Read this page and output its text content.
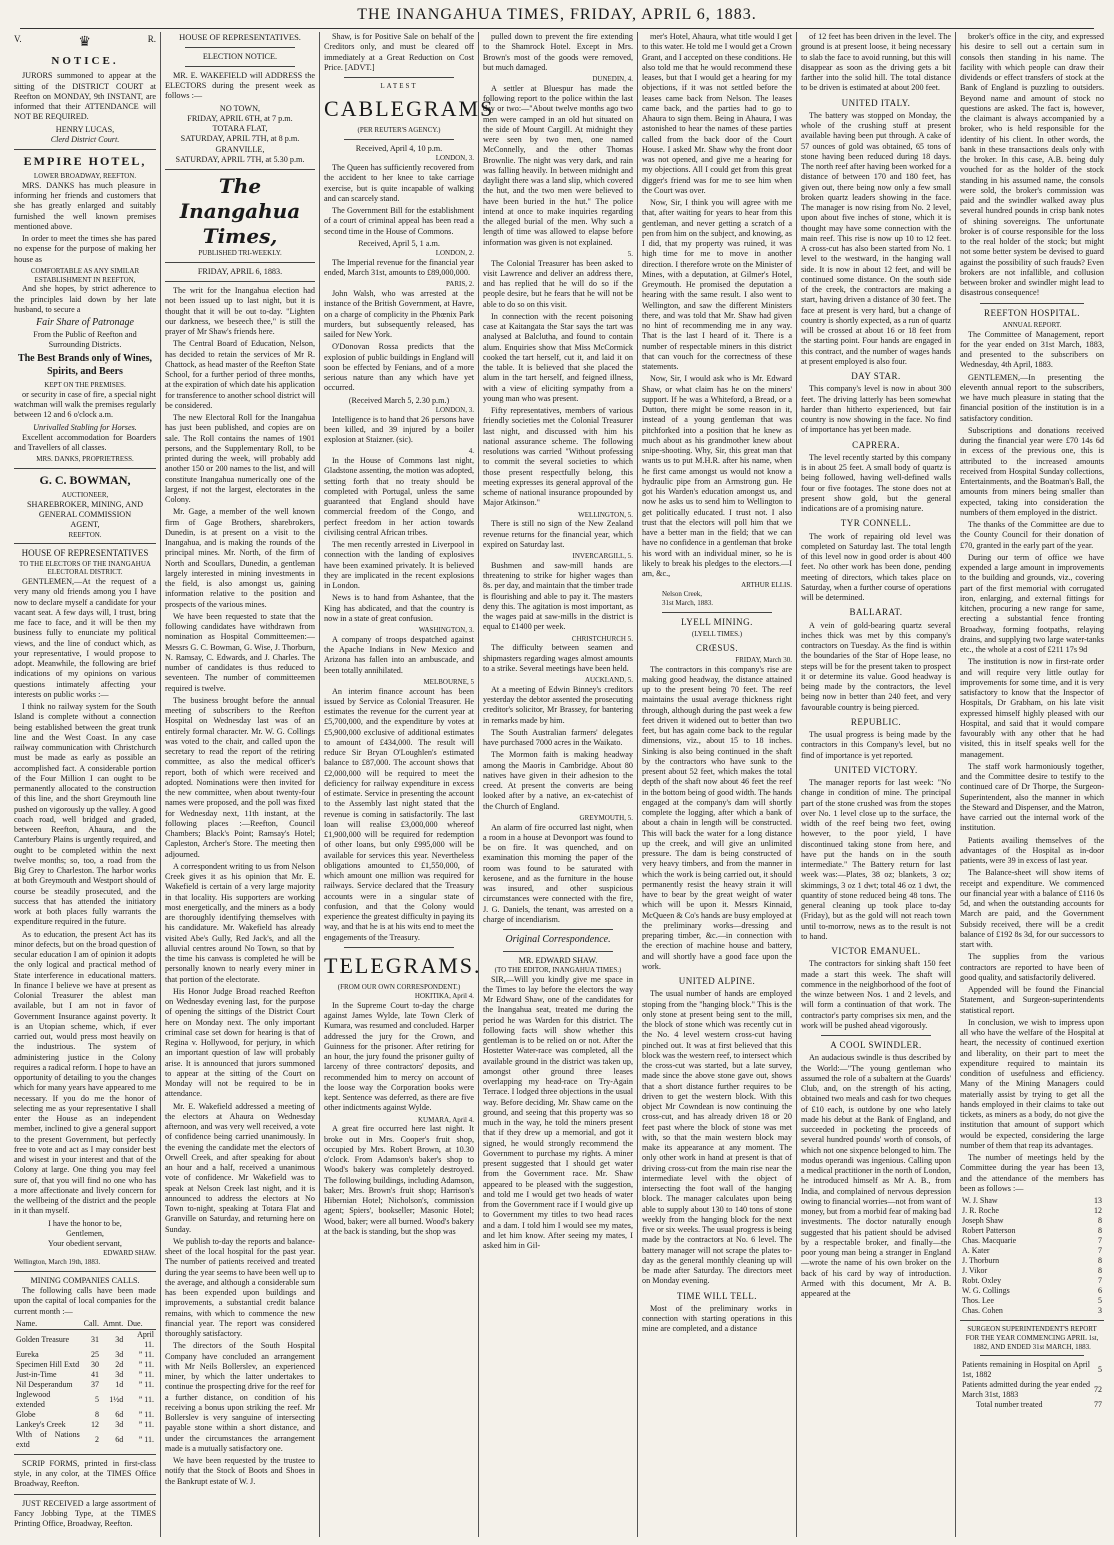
THE INANGAHUA TIMES, FRIDAY, APRIL 6, 1883.
V.	♛	R.
NOTICE.

JURORS summoned to appear at the sitting of the DISTRICT COURT at Reefton on MONDAY, 9th INSTANT, are informed that their ATTENDANCE will NOT BE REQUIRED.

HENRY LUCAS,
Clerd District Court.
EMPIRE HOTEL,
LOWER BROADWAY, REEFTON.

MRS. DANKS has much pleasure in informing her friends and customers that she has greatly enlarged and suitably furnished the well known premises mentioned above.

In order to meet the times she has pared no expense for the purpose of making her house as

COMFORTABLE AS ANY SIMILAR ESTABLISHMENT IN REEFTON,

And she hopes, by strict adherence to the principles laid down by her late husband, to secure a

Fair Share of Patronage
From the Public of Reefton and Surrounding Districts.
The Best Brands only of Wines, Spirits, and Beers
KEPT ON THE PREMISES.

or security in case of fire, a special night watchman will walk the premises regularly between 12 and 6 o'clock a.m.

Unrivalled Stabling for Horses.

Excellent accommodation for Boarders and Travellers of all classes.

MRS. DANKS, PROPRIETRESS.
G. C. BOWMAN,
AUCTIONEER,
SHAREBROKER, MINING, AND
GENERAL COMMISSION
AGENT,
REEFTON.
HOUSE OF REPRESENTATIVES
TO THE ELECTORS OF THE INANGAHUA ELECTORAL DISTRICT.

GENTLEMEN,—At the request of a very many old friends among you I have now to declare myself a candidate for your vacant seat. A few days will, I trust, bring me face to face, and it will be then my business fully to enunciate my political views, and the line of conduct which, as your representative, I would propose to adopt. Meanwhile, the following are brief indications of my opinions on various questions intimately affecting your interests on public works :—

I think no railway system for the South Island is complete without a connection being established between the great trunk line and the West Coast. In any case railway communication with Christchurch must be made as early as possible an accomplished fact. A considerable portion of the Four Million I can ought to be permanently allocated to the construction of this line, and the short Greymouth line pushed on vigorously up the valley. A good coach road, well bridged and graded, between Reefton, Ahaura, and the Canterbury Plains is urgently required, and ought to be completed within the next twelve months; so, too, a road from the Big Grey to Charleston. The harbor works at both Greymouth and Westport should of course be steadily prosecuted, and the success that has attended the initiatory work at both places fully warrants the expenditure required in the future.

As to education, the present Act has its minor defects, but on the broad question of secular education I am of opinion it adopts the only logical and practical method of State interference in educational matters. In finance I believe we have at present as Colonial Treasurer the ablest man available, but I am not in favor of Government Insurance against poverty. It is an Utopian scheme, which, if ever carried out, would press most heavily on the industrious. The system of administering justice in the Colony requires a radical reform. I hope to have an opportunity of detailing to you the changes which for many years have appeared to me necessary. If you do me the honor of selecting me as your representative I shall enter the House as an independent member, inclined to give a general support to the present Government, but perfectly free to vote and act as I may consider best and wisest in your interest and that of the Colony at large. One thing you may feel sure of, that you will find no one who has a more affectionate and lively concern for the wellbeing of the district and the people in it than myself.

I have the honor to be,
Gentlemen,
Your obedient servant,
EDWARD SHAW.
Wellington, March 19th, 1883.
MINING COMPANIES CALLS.

The following calls have been made upon the capital of local companies for the current month :—

Name.	Call.	Amnt.	Due.
Golden Treasure	31	3d	April 11.
Eureka	25	3d	” 11.
Specimen Hill Extd	30	2d	” 11.
Just-in-Time	41	3d	” 11.
Nil Desperandum	37	1d	” 11.
Inglewood extended	5	1½d	” 11.
Globe	8	6d	” 11.
Lankey's Creek	12	3d	” 11.
Wlth of Nations extd	2	6d	” 11.

SCRIP FORMS, printed in first-class style, in any color, at the TIMES Office Broadway, Reefton.

JUST RECEIVED a large assortment of Fancy Jobbing Type, at the TIMES Printing Office, Broadway, Reefton.

HOUSE OF REPRESENTATIVES.
ELECTION NOTICE.

MR. E. WAKEFIELD will ADDRESS the ELECTORS during the present week as follows :—

NO TOWN,
FRIDAY, APRIL 6TH, at 7 p.m.
TOTARA FLAT,
SATURDAY, APRIL 7TH, at 8 p.m.
GRANVILLE,
SATURDAY, APRIL 7TH, at 5.30 p.m.
The Inangahua Times,
PUBLISHED TRI-WEEKLY.
FRIDAY, APRIL 6, 1883.

The writ for the Inangahua election had not been issued up to last night, but it is thought that it will be out to-day. "Lighten our darkness, we beseech thee," is still the prayer of Mr Shaw's friends here.

The Central Board of Education, Nelson, has decided to retain the services of Mr R. Chattock, as head master of the Reefton State School, for a further period of three months, at the expiration of which date his application for transference to another school district will be considered.

The new Electoral Roll for the Inangahua has just been published, and copies are on sale. The Roll contains the names of 1901 persons, and the Supplementary Roll, to be printed during the week, will probably add another 150 or 200 names to the list, and will constitute Inangahua numerically one of the largest, if not the largest, electorates in the Colony.

Mr. Gage, a member of the well known firm of Gage Brothers, sharebrokers, Dunedin, is at present on a visit to the Inangahua, and is making the rounds of the principal mines. Mr. North, of the firm of North and Scoullars, Dunedin, a gentleman largely interested in mining investments in the field, is also amongst us, gaining information relative to the position and prospects of the various mines.

We have been requested to state that the following candidates have withdrawn from nomination as Hospital Committeemen:—Messrs G. C. Bowman, G. Wise, J. Thorburn, N. Ramsay, C. Edwards, and J. Charles. The number of candidates is thus reduced to seventeen. The number of committeemen required is twelve.

The business brought before the annual meeting of subscribers to the Reefton Hospital on Wednesday last was of an entirely formal character. Mr. W. G. Collings was voted to the chair, and called upon the secretary to read the report of the retiring committee, as also the medical officer's report, both of which were received and adopted. Nominations were then invited for the new committee, when about twenty-four names were proposed, and the poll was fixed for Wednesday next, 11th instant, at the following places :—Reefton, Council Chambers; Black's Point; Ramsay's Hotel; Capleston, Archer's Store. The meeting then adjourned.

A correspondent writing to us from Nelson Creek gives it as his opinion that Mr. E. Wakefield is certain of a very large majority in that locality. His supporters are working most energetically, and the miners as a body are thoroughly identifying themselves with his candidature. Mr. Wakefield has already visited Abe's Gully, Red Jack's, and all the alluvial centres around No Town, so that by the time his canvass is completed he will be personally known to nearly every miner in that portion of the electorate.

His Honor Judge Broad reached Reefton on Wednesday evening last, for the purpose of opening the sittings of the District Court here on Monday next. The only important criminal case set down for hearing is that of Regina v. Hollywood, for perjury, in which an important question of law will probably arise. It is announced that jurors summoned to appear at the sitting of the Court on Monday will not be required to be in attendance.

Mr. E. Wakefield addressed a meeting of the electors at Ahaura on Wednesday afternoon, and was very well received, a vote of confidence being carried unanimously. In the evening the candidate met the electors of Orwell Creek, and after speaking for about an hour and a half, received a unanimous vote of confidence. Mr Wakefield was to speak at Nelson Creek last night, and it is announced to address the electors at No Town to-night, speaking at Totara Flat and Granville on Saturday, and returning here on Sunday.

We publish to-day the reports and balance-sheet of the local hospital for the past year. The number of patients received and treated during the year seems to have been well up to the average, and although a considerable sum has been expended upon buildings and improvements, a substantial credit balance remains, with which to commence the new financial year. The report was considered thoroughly satisfactory.

The directors of the South Hospital Company have concluded an arrangement with Mr Neils Bollerslev, an experienced miner, by which the latter undertakes to continue the prospecting drive for the reef for a further distance, on condition of his receiving a bonus upon striking the reef. Mr Bollerslev is very sanguine of intersecting payable stone within a short distance, and under the circumstances the arrangement made is a mutually satisfactory one.

We have been requested by the trustee to notify that the Stock of Boots and Shoes in the Bankrupt estate of W. J.

Shaw, is for Positive Sale on behalf of the Creditors only, and must be cleared off immediately at a Great Reduction on Cost Price. [ADVT.]

LATEST
CABLEGRAMS
(PER REUTER'S AGENCY.)
Received, April 4, 10 p.m.
LONDON, 3.

The Queen has sufficiently recovered from the accident to her knee to take carriage exercise, but is quite incapable of walking and can scarcely stand.

The Government Bill for the establishment of a court of criminal appeal has been read a second time in the House of Commons.

Received, April 5, 1 a.m.
LONDON, 2.

The Imperial revenue for the financial year ended, March 31st, amounts to £89,000,000.

PARIS, 2.

John Walsh, who was arrested at the instance of the British Government, at Havre, on a charge of complicity in the Phœnix Park murders, but subsequently released, has sailed for New York.

O'Donovan Rossa predicts that the explosion of public buildings in England will soon be effected by Fenians, and of a more serious nature than any which have yet occurred.

(Received March 5, 2.30 p.m.)
LONDON, 3.

Intelligence is to hand that 26 persons have been killed, and 39 injured by a boiler explosion at Staizner. (sic).

4.

In the House of Commons last night, Gladstone assenting, the motion was adopted, setting forth that no treaty should be completed with Portugal, unless the same guaranteed that England should have commercial freedom of the Congo, and perfect freedom in her action towards civilising central African tribes.

The men recently arrested in Liverpool in connection with the landing of explosives have been examined privately. It is believed they are implicated in the recent explosions in London.

News is to hand from Ashantee, that the King has abdicated, and that the country is now in a state of great confusion.

WASHINGTON, 3.

A company of troops despatched against the Apache Indians in New Mexico and Arizona has fallen into an ambuscade, and been totally annihilated.

MELBOURNE, 5

An interim finance account has been issued by Service as Colonial Treasurer. He estimates the revenue for the current year at £5,700,000, and the expenditure by votes at £5,900,000 exclusive of additional estimates to amount of £434,000. The result will reduce Sir Bryan O'Loughlen's estimated balance to £87,000. The account shows that £2,000,000 will be required to meet the deficiency for railway expenditure in excess of estimate. Service in presenting the account to the Assembly last night stated that the revenue is coming in satisfactorily. The last loan will realise £3,000,000 whereof £1,900,000 will be required for redemption of other loans, but only £995,000 will be available for services this year. Nevertheless obligations amounted to £1,550,000, of which amount one million was required for railways. Service declared that the Treasury accounts were in a singular state of confusion, and that the Colony would experience the greatest difficulty in paying its way, and that he is at his wits end to meet the engagements of the Treasury.

TELEGRAMS.
(FROM OUR OWN CORRESPONDENT.)
HOKITIKA, April 4.

In the Supreme Court to-day the charge against James Wylde, late Town Clerk of Kumara, was resumed and concluded. Harper addressed the jury for the Crown, and Guinness for the prisoner. After retiring for an hour, the jury found the prisoner guilty of larceny of three contractors' deposits, and recommended him to mercy on account of the loose way the Corporation books were kept. Sentence was deferred, as there are five other indictments against Wylde.

KUMARA, April 4.

A great fire occurred here last night. It broke out in Mrs. Cooper's fruit shop, occupied by Mrs. Robert Brown, at 10.30 o'clock. From Adamson's baker's shop to Wood's bakery was completely destroyed. The following buildings, including Adamson, baker; Mrs. Brown's fruit shop; Harrison's Hibernian Hotel; Nicholson's, commission agent; Spiers', bookseller; Masonic Hotel; Wood, baker; were all burned. Wood's bakery at the back is standing, but the shop was

pulled down to prevent the fire extending to the Shamrock Hotel. Except in Mrs. Brown's most of the goods were removed, but much damaged.

DUNEDIN, 4.

A settler at Bluespur has made the following report to the police within the last day or two:—"About twelve months ago two men were camped in an old hut situated on the side of Mount Cargill. At midnight they were seen by two men, one named McConnelly, and the other Thomas Brownlie. The night was very dark, and rain was falling heavily. In between midnight and daylight there was a land slip, which covered the hut, and the two men were believed to have been buried in the hut." The police intend at once to make inquiries regarding the alleged burial of the men. Why such a length of time was allowed to elapse before information was given is not explained.

5.

The Colonial Treasurer has been asked to visit Lawrence and deliver an address there, and has replied that he will do so if the people desire, but he fears that he will not be able to do so on this visit.

In connection with the recent poisoning case at Kaitangata the Star says the tart was analysed at Balclutha, and found to contain alum. Enquiries show that Miss McCormick cooked the tart herself, cut it, and laid it on the table. It is believed that she placed the alum in the tart herself, and feigned illness, with a view of eliciting sympathy from a young man who was present.

Fifty representatives, members of various friendly societies met the Colonial Treasurer last night, and discussed with him his national assurance scheme. The following resolutions was carried "Without professing to commit the several societies to which those present respectfully belong, this meeting expresses its general approval of the scheme of national insurance propounded by Major Atkinson."

WELLINGTON, 5.

There is still no sign of the New Zealand revenue returns for the financial year, which expired on Saturday last.

INVERCARGILL, 5.

Bushmen and saw-mill hands are threatening to strike for higher wages than 8s. per day, and maintain that the timber trade is flourishing and able to pay it. The masters deny this. The agitation is most important, as the wages paid at saw-mills in the district is equal to £1400 per week.

CHRISTCHURCH 5.

The difficulty between seamen and shipmasters regarding wages almost amounts to a strike. Several meetings have been held.

AUCKLAND, 5.

At a meeting of Edwin Binney's creditors yesterday the debtor assented the prosecuting creditor's solicitor, Mr Brassey, for bantering in remarks made by him.

The South Australian farmers' delegates have purchased 7000 acres in the Waikato.

The Mormon faith is making headway among the Maoris in Cambridge. About 80 natives have given in their adhesion to the creed. At present the converts are being looked after by a native, an ex-catechist of the Church of England.

GREYMOUTH, 5.

An alarm of fire occurred last night, when a room in a house at Devonport was found to be on fire. It was quenched, and on examination this morning the paper of the room was found to be saturated with kerosene, and as the furniture in the house was insured, and other suspicious circumstances were connected with the fire, J. G. Daniels, the tenant, was arrested on a charge of incendiarism.

Original Correspondence.
MR. EDWARD SHAW.
(TO THE EDITOR, INANGAHUA TIMES.)

SIR,—Will you kindly give me space in the Times to lay before the electors the way Mr Edward Shaw, one of the candidates for the Inangahua seat, treated me during the period he was Warden for this district. The following facts will show whether this gentleman is to be relied on or not. After the Hostetter Water-race was completed, all the available ground in the district was taken up, amongst other ground three leases overlapping my head-race on Try-Again Terrace. I lodged three objections in the usual way. Before deciding, Mr. Shaw came on the ground, and seeing that this property was so much in the way, he told the miners present that if they drew up a memorial, and got it signed, he would strongly recommend the Government to purchase my rights. A miner present suggested that I should get water from the Government race. Mr. Shaw appeared to be pleased with the suggestion, and told me I would get two heads of water from the Government race if I would give up to Government my titles to two head races and a dam. I told him I would see my mates, and let him know. After seeing my mates, I asked him in Gil-

mer's Hotel, Ahaura, what title would I get to this water. He told me I would get a Crown Grant, and I accepted on these conditions. He also told me that he would recommend these leases, but that I would get a hearing for my objections, if it was not settled before the leases came back from Nelson. The leases came back, and the parties had to go to Ahaura to sign them. Being in Ahaura, I was astonished to hear the names of these parties called from the back door of the Court House. I asked Mr. Shaw why the front door was not opened, and give me a hearing for my objections. All I could get from this great digger's friend was for me to see him when the Court was over.

Now, Sir, I think you will agree with me that, after waiting for years to hear from this gentleman, and never getting a scratch of a pen from him on the subject, and knowing, as I did, that my property was ruined, it was high time for me to move in another direction. I therefore wrote on the Minister of Mines, with a deputation, at Gilmer's Hotel, Greymouth. He promised the deputation a hearing with the same result. I also went to Wellington, and saw the different Ministers there, and was told that Mr. Shaw had given no hint of recommending me in any way. That is the last I heard of it. There is a number of respectable miners in this district that can vouch for the correctness of these statements.

Now, Sir, I would ask who is Mr. Edward Shaw, or what claim has he on the miners' support. If he was a Whiteford, a Bread, or a Dutton, there might be some reason in it, instead of a young gentleman that was pitchforked into a position that he knew as much about as his grandmother knew about snipe-shooting. Why, Sir, this great man that wants us to put M.H.R. after his name, when he first came amongst us would not know a hydraulic pipe from an Armstrong gun. He got his Warden's education amongst us, and now he asks us to send him to Wellington to get politically educated. I trust not. I also trust that the electors will poll him that we have a better man in the field; that we can have no confidence in a gentleman that broke his word with an individual miner, so he is likely to break his pledges to the electors.—I am, &c.,

ARTHUR ELLIS.
Nelson Creek,
31st March, 1883.
LYELL MINING.
(LYELL TIMES.)
CRŒSUS.
FRIDAY, March 30.

The contractors in this company's rise are making good headway, the distance attained up to the present being 70 feet. The reef maintains the usual average thickness right through, although during the past week a few feet driven it widened out to better than two feet, but has again come back to the regular dimensions, viz., about 15 to 18 inches. Sinking is also being continued in the shaft by the contractors who have sunk to the present about 52 feet, which makes the total depth of the shaft now about 46 feet the reef in the bottom being of good width. The hands engaged at the company's dam will shortly complete the logging, after which a bank of about a chain in length will be constructed. This will back the water for a long distance up the creek, and will give an unlimited pressure. The dam is being constructed of very heavy timbers, and from the manner in which the work is being carried out, it should permanently resist the heavy strain it will have to bear by the great weight of water which will be upon it. Messrs Kinnaid, McQueen & Co's hands are busy employed at the preliminary works—dressing and preparing timber, &c.—in connection with the erection of machine house and battery, and will shortly have a good face upon the work.

UNITED ALPINE.

The usual number of hands are employed stoping from the "hanging block." This is the only stone at present being sent to the mill, the block of stone which was recently cut in the No. 4 level western cross-cut having pinched out. It was at first believed that this block was the western reef, to intersect which the cross-cut was started, but a late survey, made since the above stone gave out, shows that a short distance further requires to be driven to get the western block. With this object Mr Cowndean is now continuing the cross-cut, and has already driven 18 or 20 feet past where the block of stone was met with, so that the main western block may make its appearance at any moment. The only other work in hand at present is that of driving cross-cut from the main rise near the intermediate level with the object of intersecting the foot wall of the hanging block. The manager calculates upon being able to supply about 130 to 140 tons of stone weekly from the hanging block for the next five or six weeks. The usual progress is being made by the contractors at No. 6 level. The battery manager will not scrape the plates to-day as the general monthly cleaning up will be made after Saturday. The directors meet on Monday evening.

TIME WILL TELL.

Most of the preliminary works in connection with starting operations in this mine are completed, and a distance

of 12 feet has been driven in the level. The ground is at present loose, it being necessary to slab the face to avoid running, but this will disappear as soon as the driving gets a bit farther into the solid hill. The total distance to be driven is estimated at about 200 feet.

UNITED ITALY.

The battery was stopped on Monday, the whole of the crushing stuff at present available having been put through. A cake of 57 ounces of gold was obtained, 65 tons of stone having been reduced during 18 days. The north reef after having been worked for a distance of between 170 and 180 feet, has given out, there being now only a few small broken quartz leaders showing in the face. The manager is now rising from No. 2 level, upon about five inches of stone, which it is thought may have some connection with the main reef. This rise is now up 10 to 12 feet. A cross-cut has also been started from No. 1 level to the westward, in the hanging wall side. It is now in about 12 feet, and will be continued some distance. On the south side of the creek, the contractors are making a start, having driven a distance of 30 feet. The face at present is very hard, but a change of country is shortly expected, as a run of quartz will be crossed at about 16 or 18 feet from the starting point. Four hands are engaged in this contract, and the number of wages hands at present employed is also four.

DAY STAR.

This company's level is now in about 300 feet. The driving latterly has been somewhat harder than hitherto experienced, but fair country is now showing in the face. No find of importance has yet been made.

CAPRERA.

The level recently started by this company is in about 25 feet. A small body of quartz is being followed, having well-defined walls four or five footages. The stone does not at present show gold, but the general indications are of a promising nature.

TYR CONNELL.

The work of repairing old level was completed on Saturday last. The total length of this level now in good order is about 400 feet. No other work has been done, pending meeting of directors, which takes place on Saturday, when a further course of operations will be determined.

BALLARAT.

A vein of gold-bearing quartz several inches thick was met by this company's contractors on Tuesday. As the find is within the boundaries of the Star of Hope lease, no steps will be for the present taken to prospect it or determine its value. Good headway is being made by the contractors, the level being now in better than 240 feet, and very favourable country is being pierced.

REPUBLIC.

The usual progress is being made by the contractors in this Company's level, but no find of importance is yet reported.

UNITED VICTORY.

The manager reports for last week: "No change in condition of mine. The principal part of the stone crushed was from the stopes over No. 1 level close up to the surface, the width of the reef being two feet, owing however, to the poor yield, I have discontinued taking stone from here, and have put the hands on in the south intermediate." The Battery return for last week was:—Plates, 38 oz; blankets, 3 oz; skimmings, 3 oz 1 dwt; total 46 oz 1 dwt, the quantity of stone reduced being 48 tons. The general cleaning up took place to-day (Friday), but as the gold will not reach town until to-morrow, news as to the result is not to hand.

VICTOR EMANUEL.

The contractors for sinking shaft 150 feet made a start this week. The shaft will commence in the neighborhood of the foot of the winze between Nos. 1 and 2 levels, and will form a continuation of that work. The contractor's party comprises six men, and the work will be pushed ahead vigorously.

A COOL SWINDLER.

An audacious swindle is thus described by the World:—"The young gentleman who assumed the role of a subaltern at the Guards' Club, and, on the strength of his acting, obtained two meals and cash for two cheques of £10 each, is outdone by one who lately made his debut at the Bank of England, and succeeded in pocketing the proceeds of several hundred pounds' worth of consols, of which not one sixpence belonged to him. The modus operandi was ingenious. Calling upon a medical practitioner in the north of London, he introduced himself as Mr A. B., from India, and complained of nervous depression owing to financial worries—not from want of money, but from a morbid fear of making bad investments. The doctor naturally enough suggested that his patient should be advised by a respectable broker, and finally—the poor young man being a stranger in England—wrote the name of his own broker on the back of his card by way of introduction. Armed with this document, Mr A. B. appeared at the

broker's office in the city, and expressed his desire to sell out a certain sum in consols then standing in his name. The facility with which people can draw their dividends or effect transfers of stock at the Bank of England is puzzling to outsiders. Beyond name and amount of stock no questions are asked. The fact is, however, the claimant is always accompanied by a broker, who is held responsible for the identity of his client. In other words, the bank in these transactions deals only with the broker. In this case, A.B. being duly vouched for as the holder of the stock standing in his assumed name, the consols were sold, the broker's commission was paid and the swindler walked away plus several hundred pounds in crisp bank notes of shining sovereigns. The unfortunate broker is of course responsible for the loss to the real holder of the stock; but might not some better system be devised to guard against the possibility of such frauds? Even brokers are not infallible, and collusion between broker and swindler might lead to disastrous consequence!

REEFTON HOSPITAL.
ANNUAL REPORT.

The Committee of Management, report for the year ended on 31st March, 1883, and presented to the subscribers on Wednesday, 4th April, 1883.

GENTLEMEN,—In presenting the eleventh annual report to the subscribers, we have much pleasure in stating that the financial position of the institution is in a satisfactory condition.

Subscriptions and donations received during the financial year were £70 14s 6d in excess of the previous one, this is attributed to the increased amounts received from Hospital Sunday collections, Entertainments, and the Boatman's Ball, the amounts from miners being smaller than expected, taking into consideration the numbers of them employed in the district.

The thanks of the Committee are due to the County Council for their donation of £70, granted in the early part of the year.

During our term of office we have expended a large amount in improvements to the building and grounds, viz., covering part of the first memorial with corrugated iron, enlarging, and external fittings for kitchen, procuring a new range for same, erecting a substantial fence fronting Broadway, forming footpaths, relaying drains, and supplying two large water-tanks etc., the whole at a cost of £211 17s 9d

The institution is now in first-rate order and will require very little outlay for improvements for some time, and it is very satisfactory to know that the Inspector of Hospitals, Dr Grabham, on his late visit expressed himself highly pleased with our Hospital, and said that it would compare favourably with any other that he had visited, this in itself speaks well for the management.

The staff work harmoniously together, and the Committee desire to testify to the continued care of Dr Thorpe, the Surgeon-Superintendent, also the manner in which the Steward and Dispenser, and the Matron, have carried out the internal work of the institution.

Patients availing themselves of the advantages of the Hospital as in-door patients, were 39 in excess of last year.

The Balance-sheet will show items of receipt and expenditure. We commenced our financial year with a balance of £116 0s 5d, and when the outstanding accounts for March are paid, and the Government Subsidy received, there will be a credit balance of £192 8s 3d, for our successors to start with.

The supplies from the various contractors are reported to have been of good quality, and satisfactorily delivered.

Appended will be found the Financial Statement, and Surgeon-superintendents statistical report.

In conclusion, we wish to impress upon all who have the welfare of the Hospital at heart, the necessity of continued exertion and liberality, on their part to meet the expenditure required to maintain its condition of usefulness and efficiency. Many of the Mining Managers could materially assist by trying to get all the hands employed in their claims to take out tickets, as miners as a body, do not give the institution that amount of support which would be expected, considering the large number of them that reap its advantages.

The number of meetings held by the Committee during the year has been 13, and the attendance of the members has been as follows :—

W. J. Shaw	13
J. R. Roche	12
Joseph Shaw	8
Robert Patterson	8
Chas. Macquarie	7
A. Kater	7
J. Thorburn	8
J. Vikor	8
Robt. Oxley	7
W. G. Collings	6
Thos. Lee	5
Chas. Cohen	3
SURGEON SUPERINTENDENT'S REPORT FOR THE YEAR COMMENCING APRIL 1st, 1882, AND ENDED 31st MARCH, 1883.
Patients remaining in Hospital on April 1st, 1882	5
Patients admitted during the year ended March 31st, 1883	72
Total number treated	77
